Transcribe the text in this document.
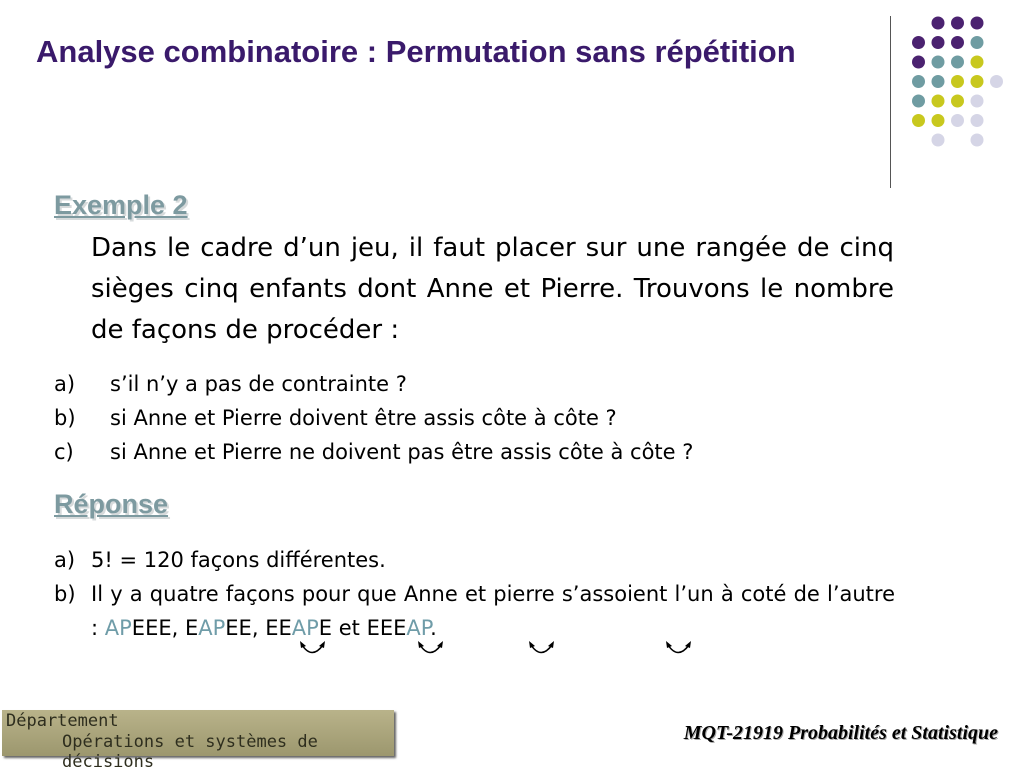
Analyse combinatoire : Permutation sans répétition
Exemple 2
Dans le cadre d’un jeu, il faut placer sur une rangée de cinq sièges cinq enfants dont Anne et Pierre. Trouvons le nombre de façons de procéder :
a) s’il n’y a pas de contrainte ?
b) si Anne et Pierre doivent être assis côte à côte ?
c) si Anne et Pierre ne doivent pas être assis côte à côte ?
Réponse
a) 5! = 120 façons différentes.
b) Il y a quatre façons pour que Anne et pierre s’assoient l’un à coté de l’autre : APEEE, EAPEE, EEAPE et EEEAP.
Département
Opérations et systèmes de décisions
MQT-21919 Probabilités et Statistique
